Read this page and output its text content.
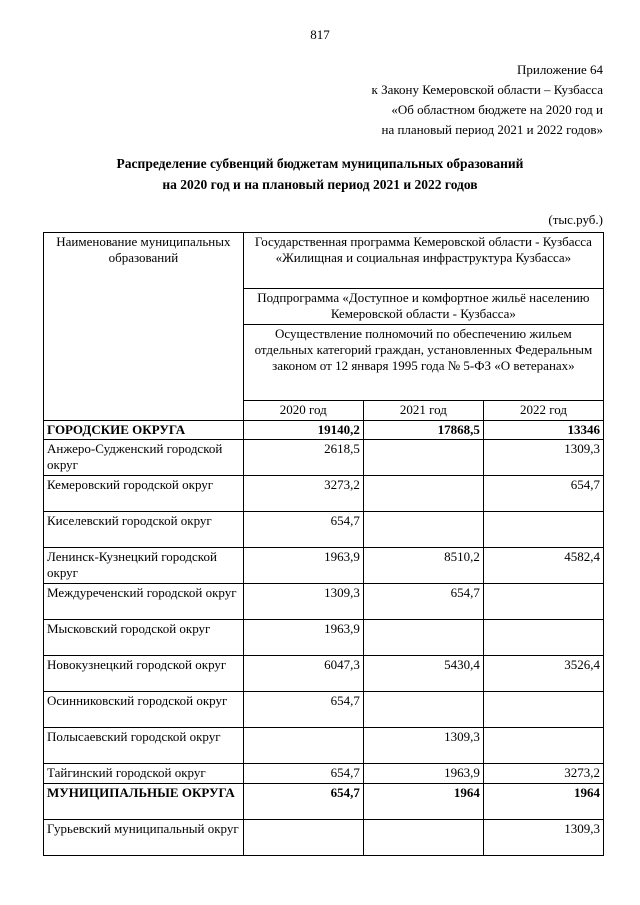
817
Приложение 64
к Закону Кемеровской области – Кузбасса
«Об областном бюджете на 2020 год и
на плановый период 2021 и 2022 годов»
Распределение субвенций бюджетам муниципальных образований
на 2020 год и на плановый период 2021 и 2022 годов
(тыс.руб.)
Наименование муниципальных образований	Государственная программа Кемеровской области - Кузбасса «Жилищная и социальная инфраструктура Кузбасса»		
	Подпрограмма «Доступное и комфортное жильё населению Кемеровской области - Кузбасса»		
	Осуществление полномочий по обеспечению жильем отдельных категорий граждан, установленных Федеральным законом от 12 января 1995 года № 5-ФЗ «О ветеранах»		
	2020 год	2021 год	2022 год
ГОРОДСКИЕ ОКРУГА	19140,2	17868,5	13346
Анжеро-Судженский городской округ	2618,5		1309,3
Кемеровский городской округ	3273,2		654,7
Киселевский городской округ	654,7		
Ленинск-Кузнецкий городской округ	1963,9	8510,2	4582,4
Междуреченский городской округ	1309,3	654,7	
Мысковский городской округ	1963,9		
Новокузнецкий городской округ	6047,3	5430,4	3526,4
Осинниковский городской округ	654,7		
Полысаевский городской округ		1309,3	
Тайгинский городской округ	654,7	1963,9	3273,2
МУНИЦИПАЛЬНЫЕ ОКРУГА	654,7	1964	1964
Гурьевский муниципальный округ			1309,3
